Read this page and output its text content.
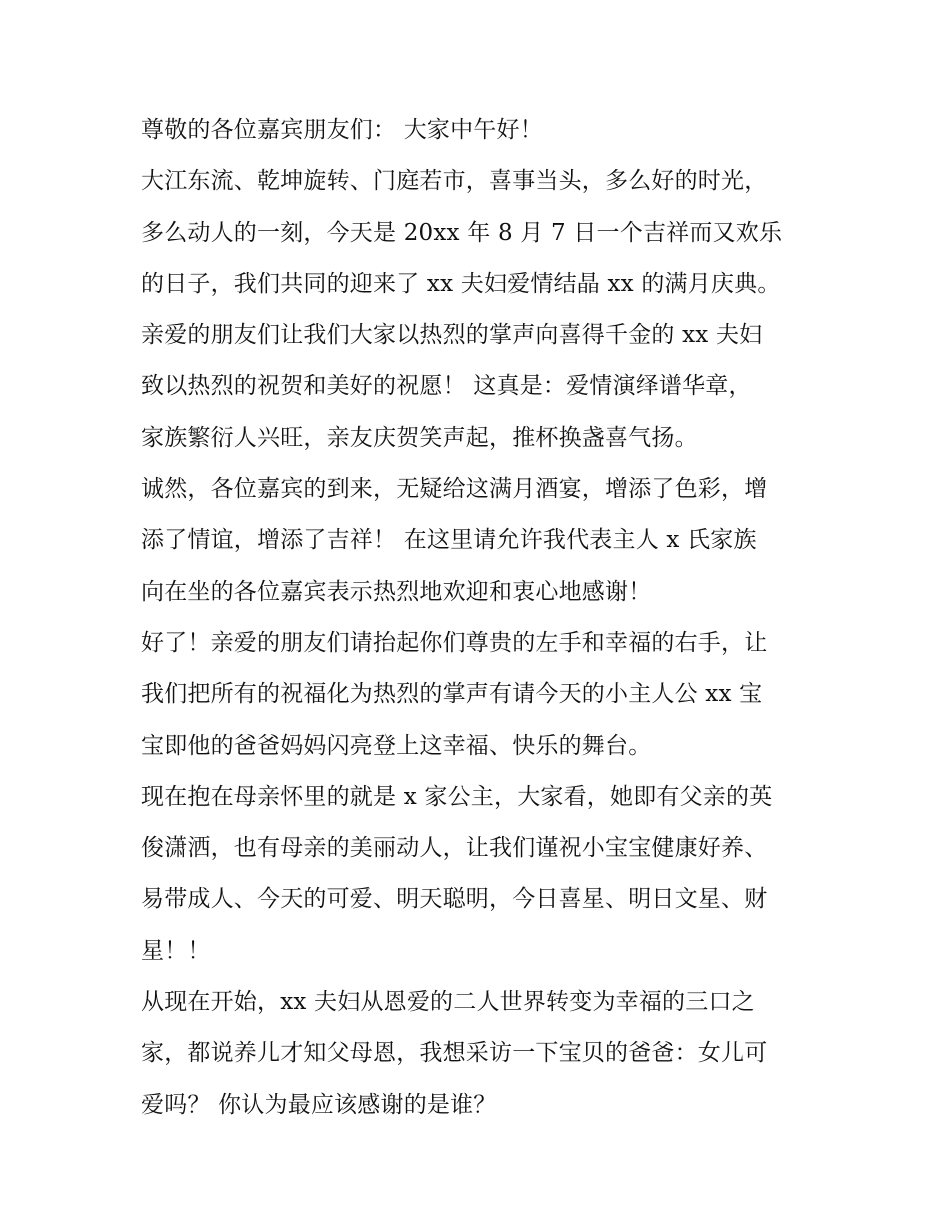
尊敬的各位嘉宾朋友们： 大家中午好！
大江东流、乾坤旋转、门庭若市，喜事当头，多么好的时光，
多么动人的一刻，今天是 20xx 年 8 月 7 日一个吉祥而又欢乐
的日子，我们共同的迎来了 xx 夫妇爱情结晶 xx 的满月庆典。
亲爱的朋友们让我们大家以热烈的掌声向喜得千金的 xx 夫妇
致以热烈的祝贺和美好的祝愿！ 这真是：爱情演绎谱华章，
家族繁衍人兴旺，亲友庆贺笑声起，推杯换盏喜气扬。
诚然，各位嘉宾的到来，无疑给这满月酒宴，增添了色彩，增
添了情谊，增添了吉祥！ 在这里请允许我代表主人 x 氏家族
向在坐的各位嘉宾表示热烈地欢迎和衷心地感谢！
好了！亲爱的朋友们请抬起你们尊贵的左手和幸福的右手，让
我们把所有的祝福化为热烈的掌声有请今天的小主人公 xx 宝
宝即他的爸爸妈妈闪亮登上这幸福、快乐的舞台。
现在抱在母亲怀里的就是 x 家公主，大家看，她即有父亲的英
俊潇洒，也有母亲的美丽动人，让我们谨祝小宝宝健康好养、
易带成人、今天的可爱、明天聪明，今日喜星、明日文星、财
星！！
从现在开始，xx 夫妇从恩爱的二人世界转变为幸福的三口之
家，都说养儿才知父母恩，我想采访一下宝贝的爸爸：女儿可
爱吗？ 你认为最应该感谢的是谁？
